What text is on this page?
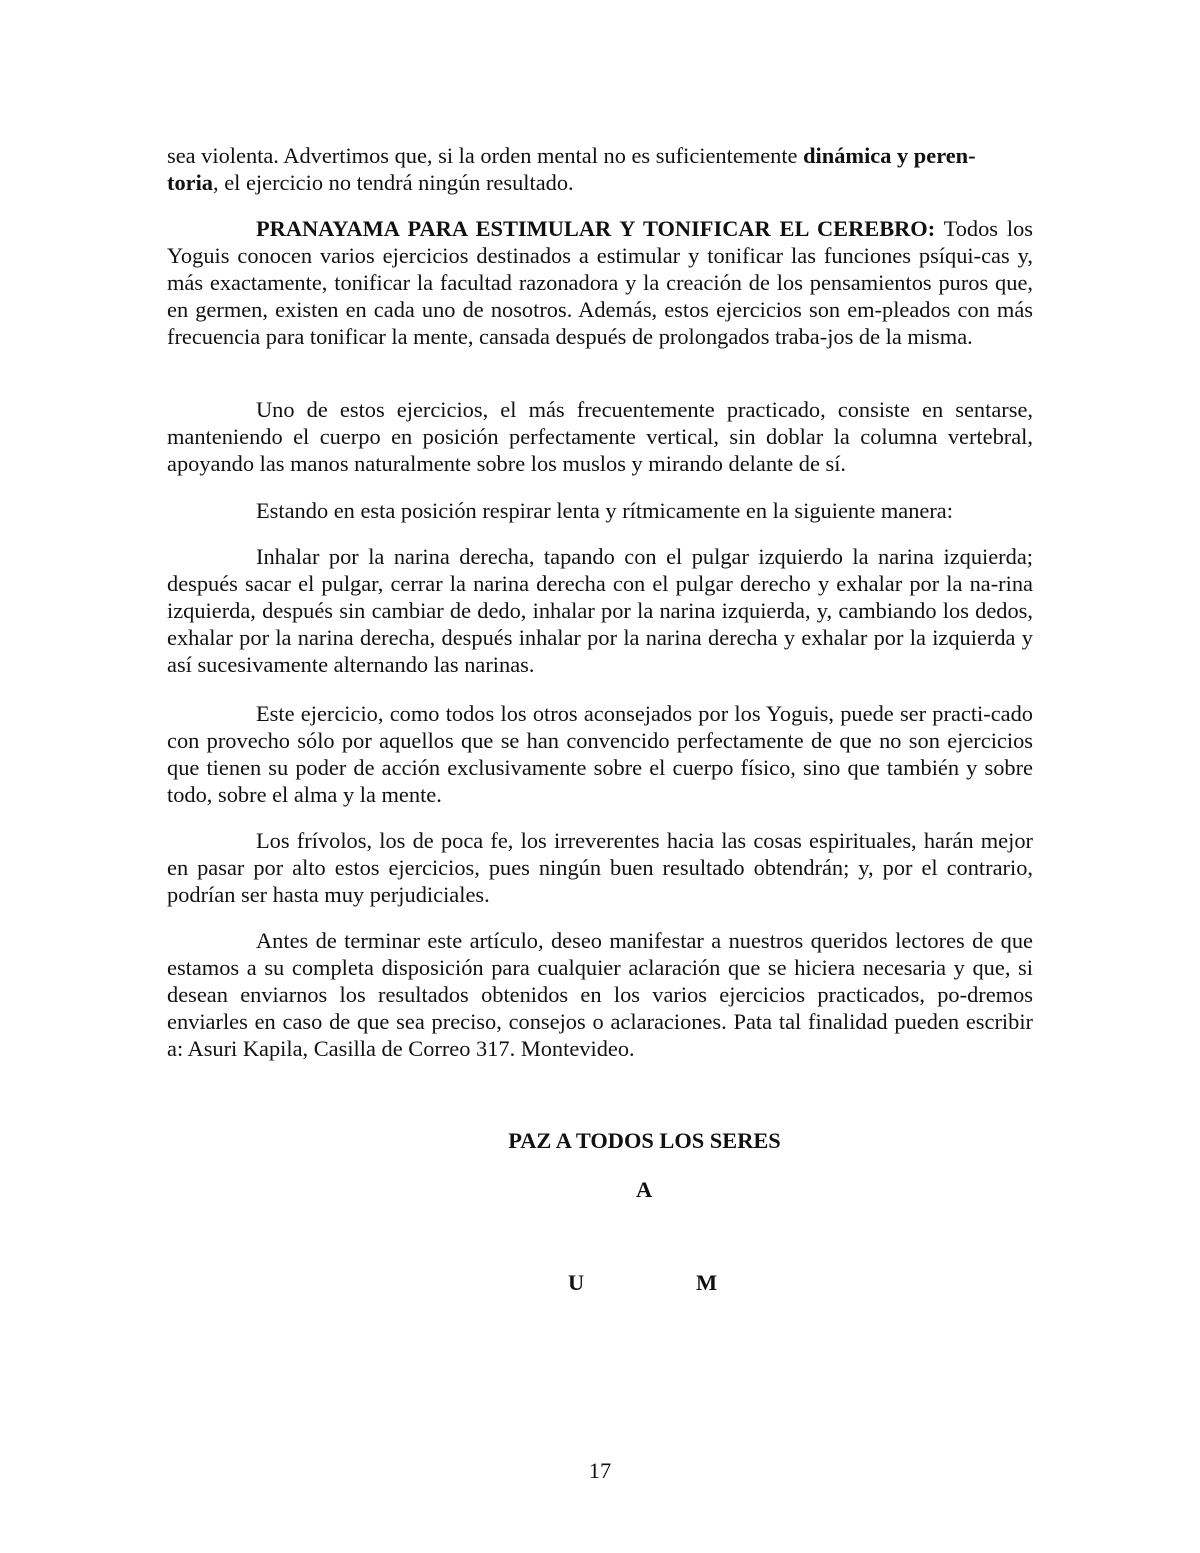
sea violenta. Advertimos que, si la orden mental no es suficientemente dinámica y peren-
toria, el ejercicio no tendrá ningún resultado.

PRANAYAMA PARA ESTIMULAR Y TONIFICAR EL CEREBRO: Todos los Yoguis conocen varios ejercicios destinados a estimular y tonificar las funciones psíqui-cas y, más exactamente, tonificar la facultad razonadora y la creación de los pensamientos puros que, en germen, existen en cada uno de nosotros. Además, estos ejercicios son em-pleados con más frecuencia para tonificar la mente, cansada después de prolongados traba-jos de la misma.

Uno de estos ejercicios, el más frecuentemente practicado, consiste en sentarse, manteniendo el cuerpo en posición perfectamente vertical, sin doblar la columna vertebral, apoyando las manos naturalmente sobre los muslos y mirando delante de sí.

Estando en esta posición respirar lenta y rítmicamente en la siguiente manera:

Inhalar por la narina derecha, tapando con el pulgar izquierdo la narina izquierda; después sacar el pulgar, cerrar la narina derecha con el pulgar derecho y exhalar por la na-rina izquierda, después sin cambiar de dedo, inhalar por la narina izquierda, y, cambiando los dedos, exhalar por la narina derecha, después inhalar por la narina derecha y exhalar por la izquierda y así sucesivamente alternando las narinas.

Este ejercicio, como todos los otros aconsejados por los Yoguis, puede ser practi-cado con provecho sólo por aquellos que se han convencido perfectamente de que no son ejercicios que tienen su poder de acción exclusivamente sobre el cuerpo físico, sino que también y sobre todo, sobre el alma y la mente.

Los frívolos, los de poca fe, los irreverentes hacia las cosas espirituales, harán mejor en pasar por alto estos ejercicios, pues ningún buen resultado obtendrán; y, por el contrario, podrían ser hasta muy perjudiciales.

Antes de terminar este artículo, deseo manifestar a nuestros queridos lectores de que estamos a su completa disposición para cualquier aclaración que se hiciera necesaria y que, si desean enviarnos los resultados obtenidos en los varios ejercicios practicados, po-dremos enviarles en caso de que sea preciso, consejos o aclaraciones. Pata tal finalidad pueden escribir a: Asuri Kapila, Casilla de Correo 317. Montevideo.

PAZ A TODOS LOS SERES
A
U	M
17
